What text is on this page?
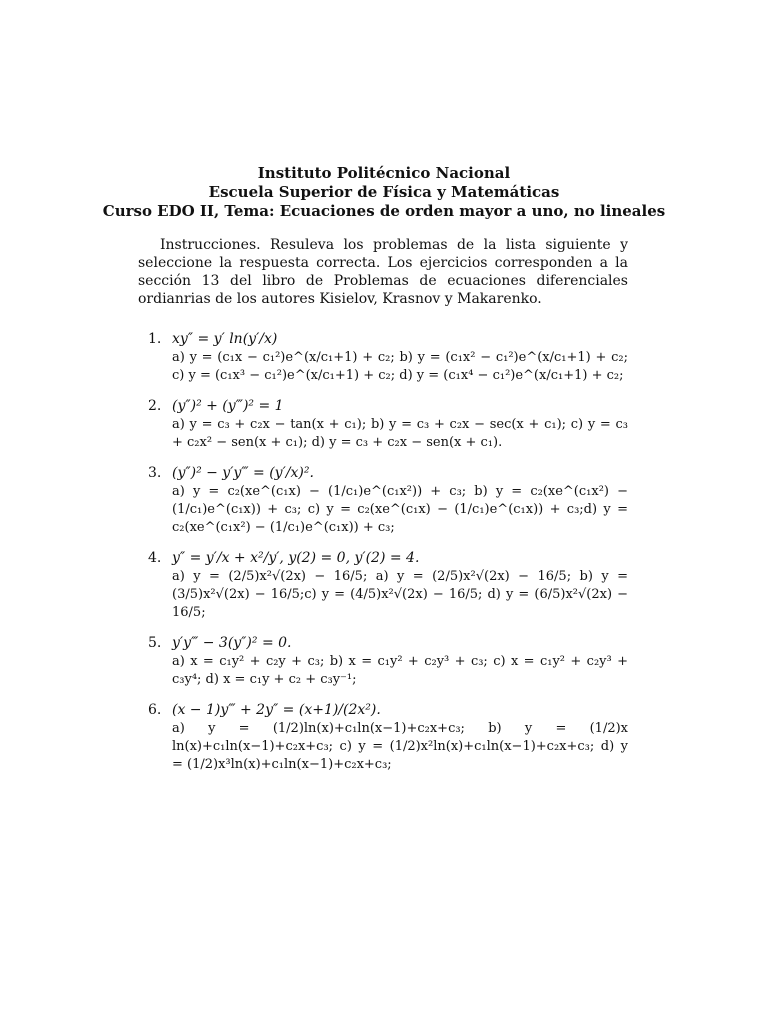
Instituto Politécnico Nacional
Escuela Superior de Física y Matemáticas
Curso EDO II, Tema: Ecuaciones de orden mayor a uno, no lineales
Instrucciones. Resuleva los problemas de la lista siguiente y seleccione la respuesta correcta. Los ejercicios corresponden a la sección 13 del libro de Problemas de ecuaciones diferenciales ordianrias de los autores Kisielov, Krasnov y Makarenko.
1. xy″ = y′ ln(y′/x)
a) y = (c₁x − c₁²)e^(x/c₁+1) + c₂; b) y = (c₁x² − c₁²)e^(x/c₁+1) + c₂; c) y = (c₁x³ − c₁²)e^(x/c₁+1) + c₂; d) y = (c₁x⁴ − c₁²)e^(x/c₁+1) + c₂;
2. (y″)² + (y‴)² = 1
a) y = c₃ + c₂x − tan(x + c₁); b) y = c₃ + c₂x − sec(x + c₁); c) y = c₃ + c₂x² − sen(x + c₁); d) y = c₃ + c₂x − sen(x + c₁).
3. (y″)² − y′y‴ = (y′/x)².
a) y = c₂(xe^(c₁x) − (1/c₁)e^(c₁x²)) + c₃; b) y = c₂(xe^(c₁x²) − (1/c₁)e^(c₁x)) + c₃; c) y = c₂(xe^(c₁x) − (1/c₁)e^(c₁x)) + c₃;d) y = c₂(xe^(c₁x²) − (1/c₁)e^(c₁x)) + c₃;
4. y″ = y′/x + x²/y′, y(2) = 0, y′(2) = 4.
a) y = (2/5)x²√(2x) − 16/5; a) y = (2/5)x²√(2x) − 16/5; b) y = (3/5)x²√(2x) − 16/5;c) y = (4/5)x²√(2x) − 16/5; d) y = (6/5)x²√(2x) − 16/5;
5. y′y‴ − 3(y″)² = 0.
a) x = c₁y² + c₂y + c₃; b) x = c₁y² + c₂y³ + c₃; c) x = c₁y² + c₂y³ + c₃y⁴; d) x = c₁y + c₂ + c₃y⁻¹;
6. (x − 1)y‴ + 2y″ = (x+1)/(2x²).
a) y = (1/2)ln(x)+c₁ln(x−1)+c₂x+c₃; b) y = (1/2)x ln(x)+c₁ln(x−1)+c₂x+c₃; c) y = (1/2)x²ln(x)+c₁ln(x−1)+c₂x+c₃; d) y = (1/2)x³ln(x)+c₁ln(x−1)+c₂x+c₃;
